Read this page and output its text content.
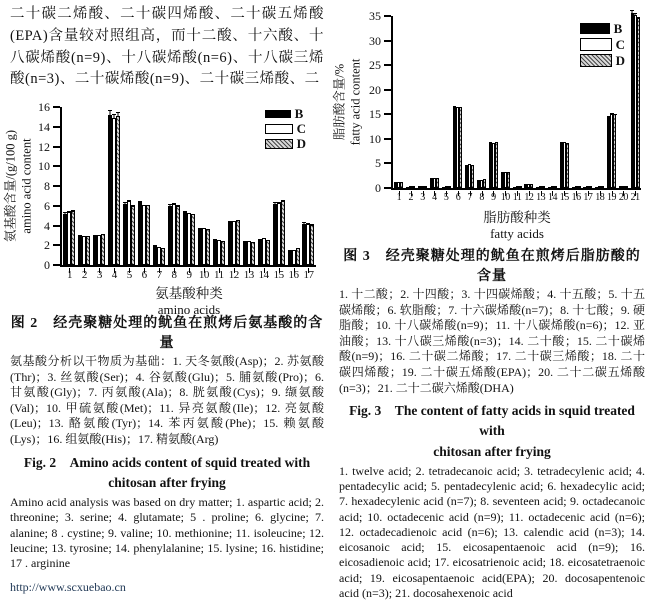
二十碳二烯酸、二十碳四烯酸、二十碳五烯酸(EPA)含量较对照组高，而十二酸、十六酸、十八碳烯酸(n=9)、十八碳烯酸(n=6)、十八碳三烯酸(n=3)、二十碳烯酸(n=9)、二十碳三烯酸、二

0
2
4
6
8
10
12
14
16
1 2 3 4 5 6 7 8 9 10 11 12 13 14 15 16 17
氨基酸种类
amino acids
氨基酸含量/(g/100 g) amino acid content
B
C
D
图 2　经壳聚糖处理的鱿鱼在煎烤后氨基酸的含量

氨基酸分析以干物质为基础：1. 天冬氨酸(Asp)；2. 苏氨酸(Thr)；3. 丝氨酸(Ser)；4. 谷氨酸(Glu)；5. 脯氨酸(Pro)；6. 甘氨酸(Gly)；7. 丙氨酸(Ala)；8. 胱氨酸(Cys)；9. 缬氨酸(Val)；10. 甲硫氨酸(Met)；11. 异亮氨酸(Ile)；12. 亮氨酸(Leu)；13. 酪氨酸(Tyr)；14. 苯丙氨酸(Phe)；15. 赖氨酸(Lys)；16. 组氨酸(His)；17. 精氨酸(Arg)

Fig. 2　Amino acids content of squid treated with
chitosan after frying

Amino acid analysis was based on dry matter; 1. aspartic acid; 2. threonine; 3. serine; 4. glutamate; 5 . proline; 6. glycine; 7. alanine; 8 . cystine; 9. valine; 10. methionine; 11. isoleucine; 12. leucine; 13. tyrosine; 14. phenylalanine; 15. lysine; 16. histidine; 17 . arginine

http://www.scxuebao.cn

0
5
10
15
20
25
30
35
1 2 3 4 5 6 7 8 9 10 11 12 13 14 15 16 17 18 19 20 21
脂肪酸种类
fatty acids
脂肪酸含量/% fatty acid content
B
C
D
图 3　经壳聚糖处理的鱿鱼在煎烤后脂肪酸的含量

1. 十二酸；2. 十四酸；3. 十四碳烯酸；4. 十五酸；5. 十五碳烯酸；6. 软脂酸；7. 十六碳烯酸(n=7)；8. 十七酸；9. 硬脂酸；10. 十八碳烯酸(n=9)；11. 十八碳烯酸(n=6)；12. 亚油酸；13. 十八碳三烯酸(n=3)；14. 二十酸；15. 二十碳烯酸(n=9)；16. 二十碳二烯酸；17. 二十碳三烯酸；18. 二十碳四烯酸；19. 二十碳五烯酸(EPA)；20. 二十二碳五烯酸(n=3)；21. 二十二碳六烯酸(DHA)

Fig. 3　The content of fatty acids in squid treated with
chitosan after frying

1. twelve acid; 2. tetradecanoic acid; 3. tetradecylenic acid; 4. pentadecylic acid; 5. pentadecylenic acid; 6. hexadecylic acid; 7. hexadecylenic acid (n=7); 8. seventeen acid; 9. octadecanoic acid; 10. octadecenic acid (n=9); 11. octadecenic acid (n=6); 12. octadecadienoic acid (n=6); 13. calendic acid (n=3); 14. eicosanoic acid; 15. eicosapentaenoic acid (n=9); 16. eicosadienoic acid; 17. eicosatrienoic acid; 18. eicosatetraenoic acid; 19. eicosapentaenoic acid(EPA); 20. docosapentenoic acid (n=3); 21. docosahexenoic acid
